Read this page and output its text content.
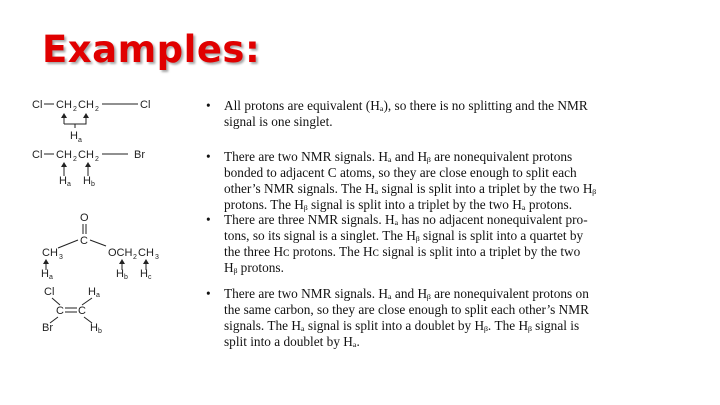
Examples:
Cl CH 2 CH 2	Cl
H a
Cl CH 2 CH 2	Br
H a H b
O
C
CH 3	OCH 2 CH 3
H a	H b H c
Cl	H a
C C
Br	H b
•	All protons are equivalent (Hₐ), so there is no splitting and the NMR
signal is one singlet.
•	There are two NMR signals. Hₐ and Hᵦ are nonequivalent protons
bonded to adjacent C atoms, so they are close enough to split each
other’s NMR signals. The Hₐ signal is split into a triplet by the two Hᵦ
protons. The Hᵦ signal is split into a triplet by the two Hₐ protons.
•	There are three NMR signals. Hₐ has no adjacent nonequivalent pro-
tons, so its signal is a singlet. The Hᵦ signal is split into a quartet by
the three Hᴄ protons. The Hᴄ signal is split into a triplet by the two
Hᵦ protons.
•	There are two NMR signals. Hₐ and Hᵦ are nonequivalent protons on
the same carbon, so they are close enough to split each other’s NMR
signals. The Hₐ signal is split into a doublet by Hᵦ. The Hᵦ signal is
split into a doublet by Hₐ.
